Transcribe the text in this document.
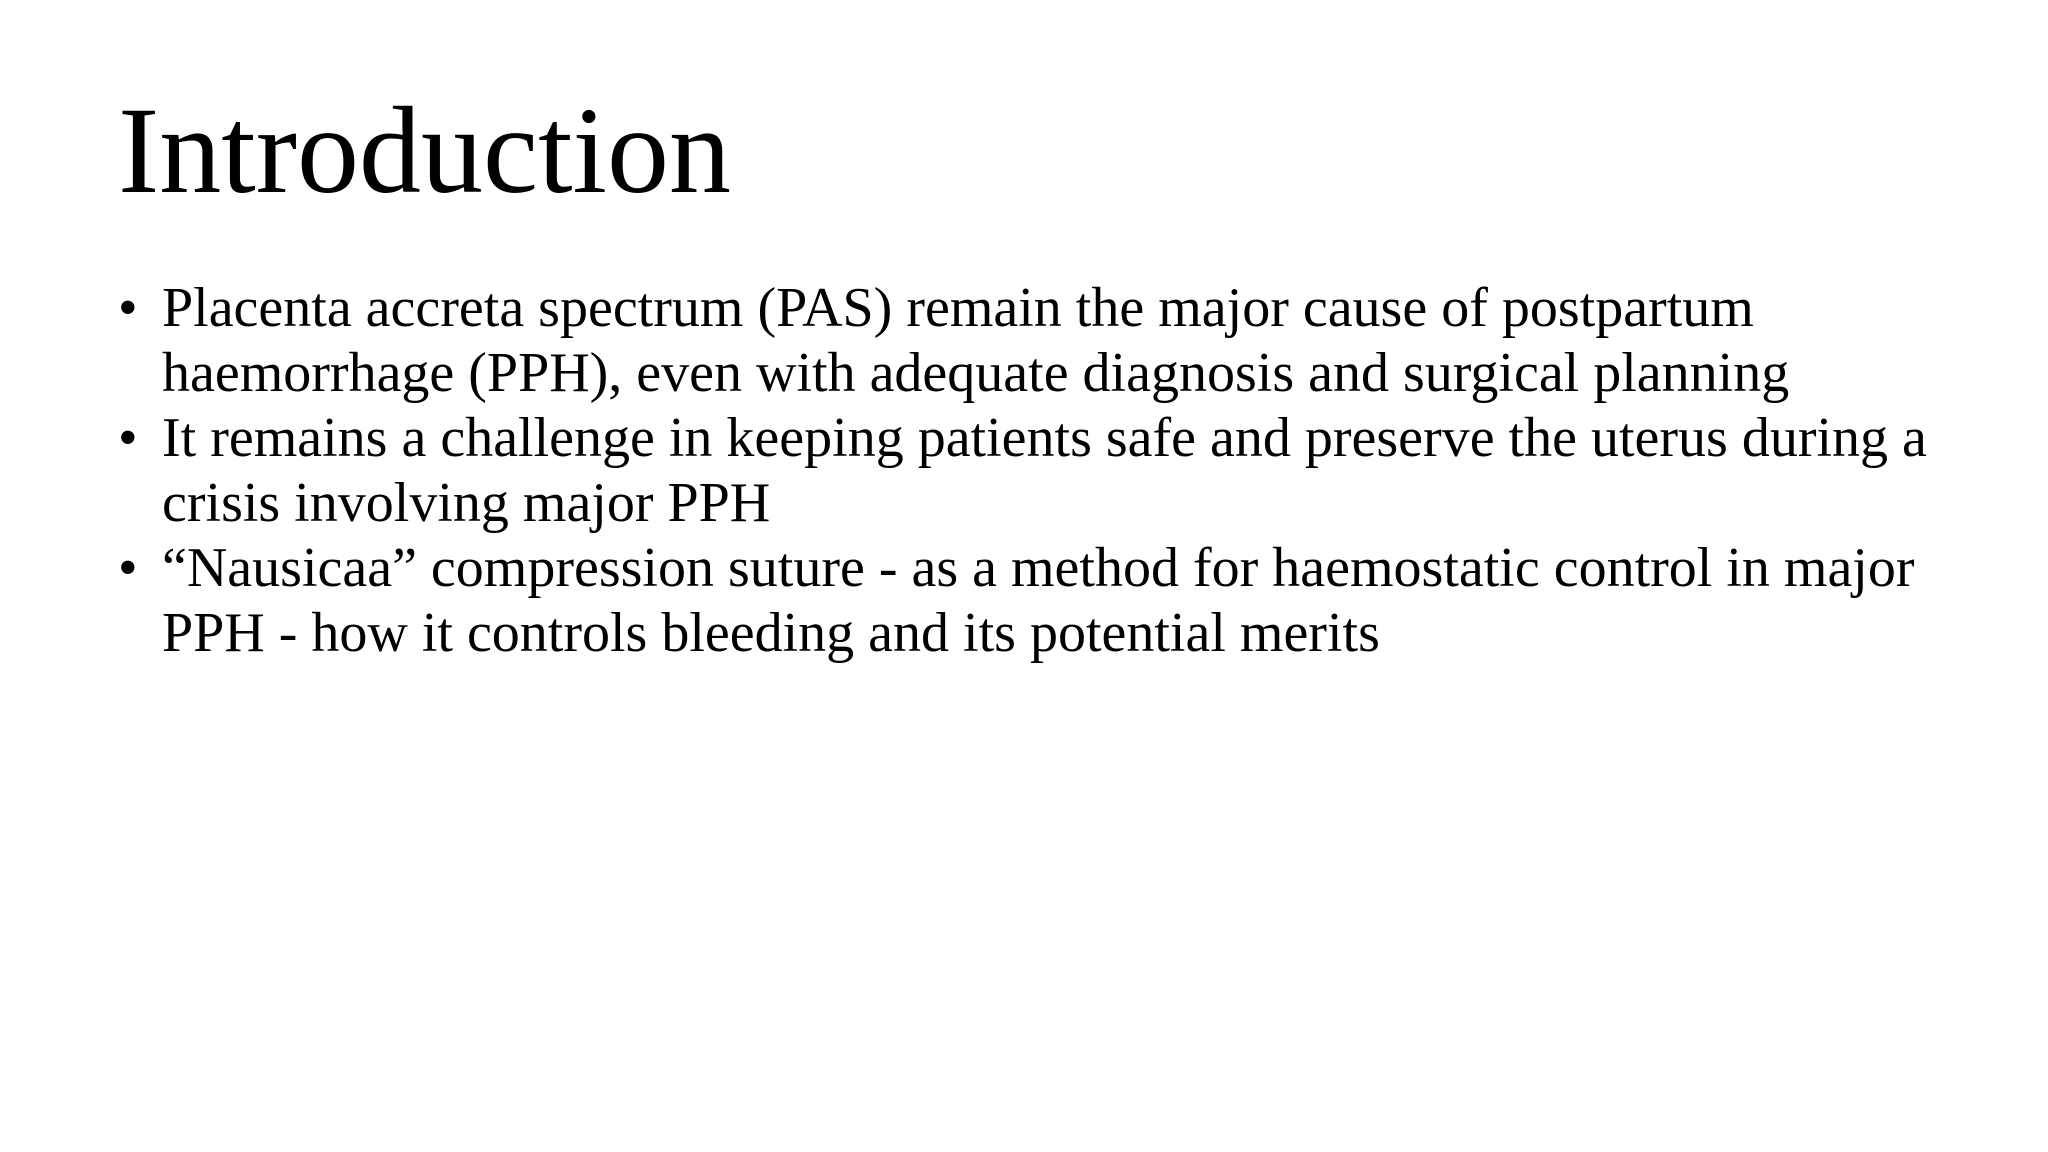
Introduction
• Placenta accreta spectrum (PAS) remain the major cause of postpartum haemorrhage (PPH), even with adequate diagnosis and surgical planning
• It remains a challenge in keeping patients safe and preserve the uterus during a crisis involving major PPH
• “Nausicaa” compression suture - as a method for haemostatic control in major PPH - how it controls bleeding and its potential merits
